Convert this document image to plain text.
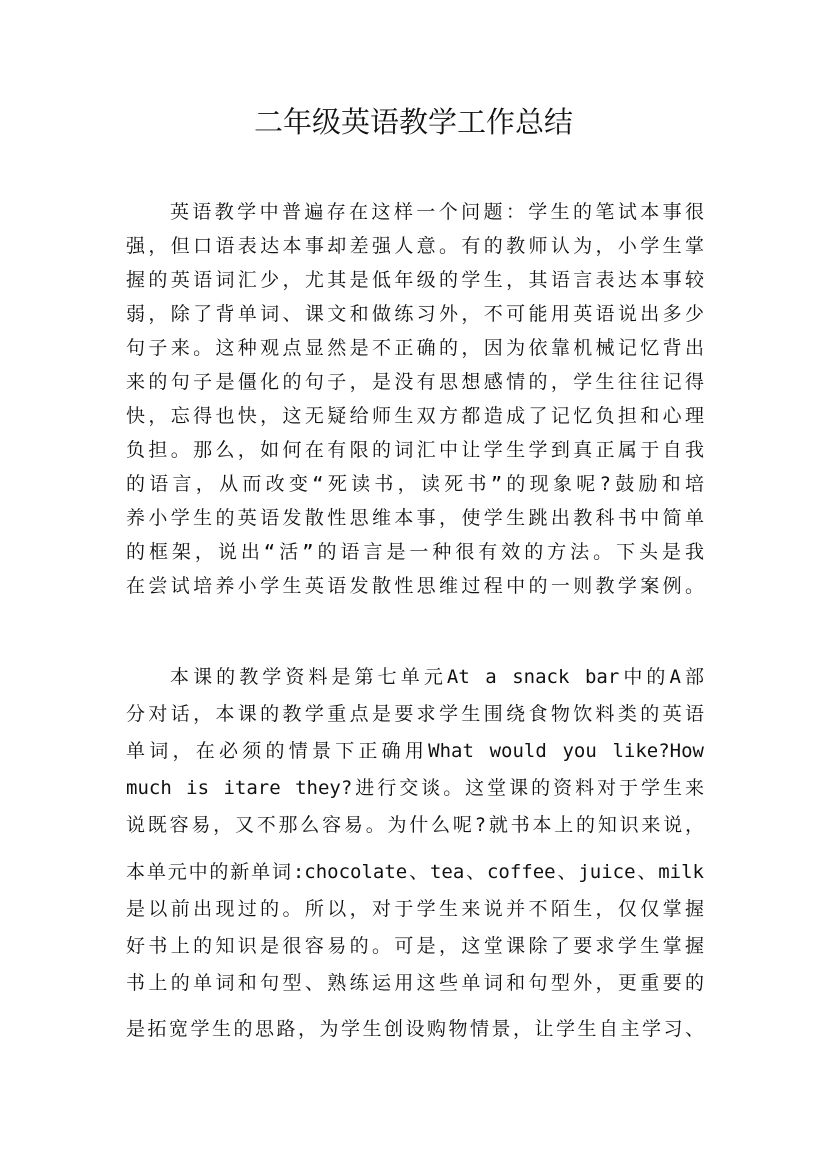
二年级英语教学工作总结
英语教学中普遍存在这样一个问题：学生的笔试本事很
强，但口语表达本事却差强人意。有的教师认为，小学生掌
握的英语词汇少，尤其是低年级的学生，其语言表达本事较
弱，除了背单词、课文和做练习外，不可能用英语说出多少
句子来。这种观点显然是不正确的，因为依靠机械记忆背出
来的句子是僵化的句子，是没有思想感情的，学生往往记得
快，忘得也快，这无疑给师生双方都造成了记忆负担和心理
负担。那么，如何在有限的词汇中让学生学到真正属于自我
的语言，从而改变“死读书，读死书”的现象呢?鼓励和培
养小学生的英语发散性思维本事，使学生跳出教科书中简单
的框架，说出“活”的语言是一种很有效的方法。下头是我
在尝试培养小学生英语发散性思维过程中的一则教学案例。
本课的教学资料是第七单元At a snack bar中的A部
分对话，本课的教学重点是要求学生围绕食物饮料类的英语
单词，在必须的情景下正确用What would you like?How
much is itare they?进行交谈。这堂课的资料对于学生来
说既容易，又不那么容易。为什么呢?就书本上的知识来说，
本单元中的新单词:chocolate、tea、coffee、juice、milk
是以前出现过的。所以，对于学生来说并不陌生，仅仅掌握
好书上的知识是很容易的。可是，这堂课除了要求学生掌握
书上的单词和句型、熟练运用这些单词和句型外，更重要的
是拓宽学生的思路，为学生创设购物情景，让学生自主学习、
